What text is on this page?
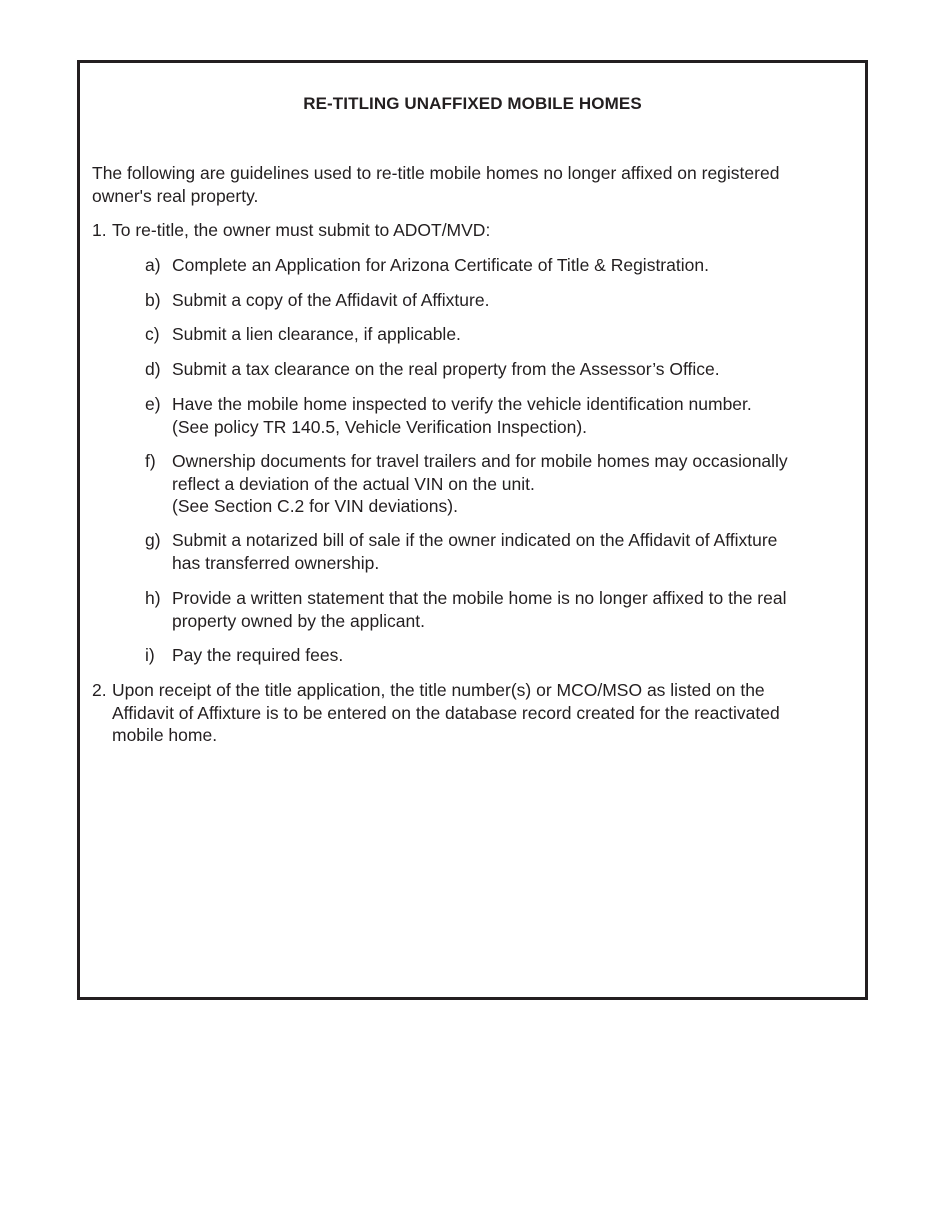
RE-TITLING UNAFFIXED MOBILE HOMES

The following are guidelines used to re-title mobile homes no longer affixed on registered
owner's real property.

1. To re-title, the owner must submit to ADOT/MVD:
a) Complete an Application for Arizona Certificate of Title & Registration.
b) Submit a copy of the Affidavit of Affixture.
c) Submit a lien clearance, if applicable.
d) Submit a tax clearance on the real property from the Assessor’s Office.
e) Have the mobile home inspected to verify the vehicle identification number.
(See policy TR 140.5, Vehicle Verification Inspection).
f) Ownership documents for travel trailers and for mobile homes may occasionally
reflect a deviation of the actual VIN on the unit.
(See Section C.2 for VIN deviations).
g) Submit a notarized bill of sale if the owner indicated on the Affidavit of Affixture
has transferred ownership.
h) Provide a written statement that the mobile home is no longer affixed to the real
property owned by the applicant.
i) Pay the required fees.
2. Upon receipt of the title application, the title number(s) or MCO/MSO as listed on the
Affidavit of Affixture is to be entered on the database record created for the reactivated
mobile home.
